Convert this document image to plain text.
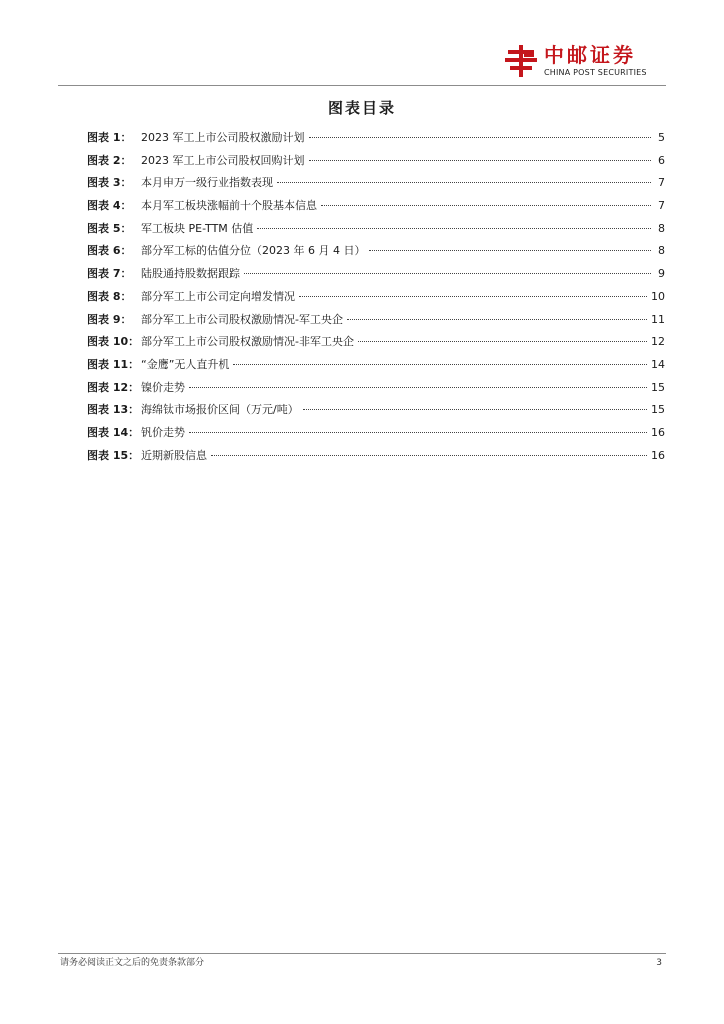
中邮证券
CHINA POST SECURITIES
图表目录
图表 1： 2023 军工上市公司股权激励计划	5
图表 2： 2023 军工上市公司股权回购计划	6
图表 3： 本月申万一级行业指数表现	7
图表 4： 本月军工板块涨幅前十个股基本信息	7
图表 5： 军工板块 PE-TTM 估值	8
图表 6： 部分军工标的估值分位（2023 年 6 月 4 日）	8
图表 7： 陆股通持股数据跟踪	9
图表 8： 部分军工上市公司定向增发情况	10
图表 9： 部分军工上市公司股权激励情况-军工央企	11
图表 10： 部分军工上市公司股权激励情况-非军工央企	12
图表 11： “金鹰”无人直升机	14
图表 12： 镍价走势	15
图表 13： 海绵钛市场报价区间（万元/吨）	15
图表 14： 钒价走势	16
图表 15： 近期新股信息	16
请务必阅读正文之后的免责条款部分	3
